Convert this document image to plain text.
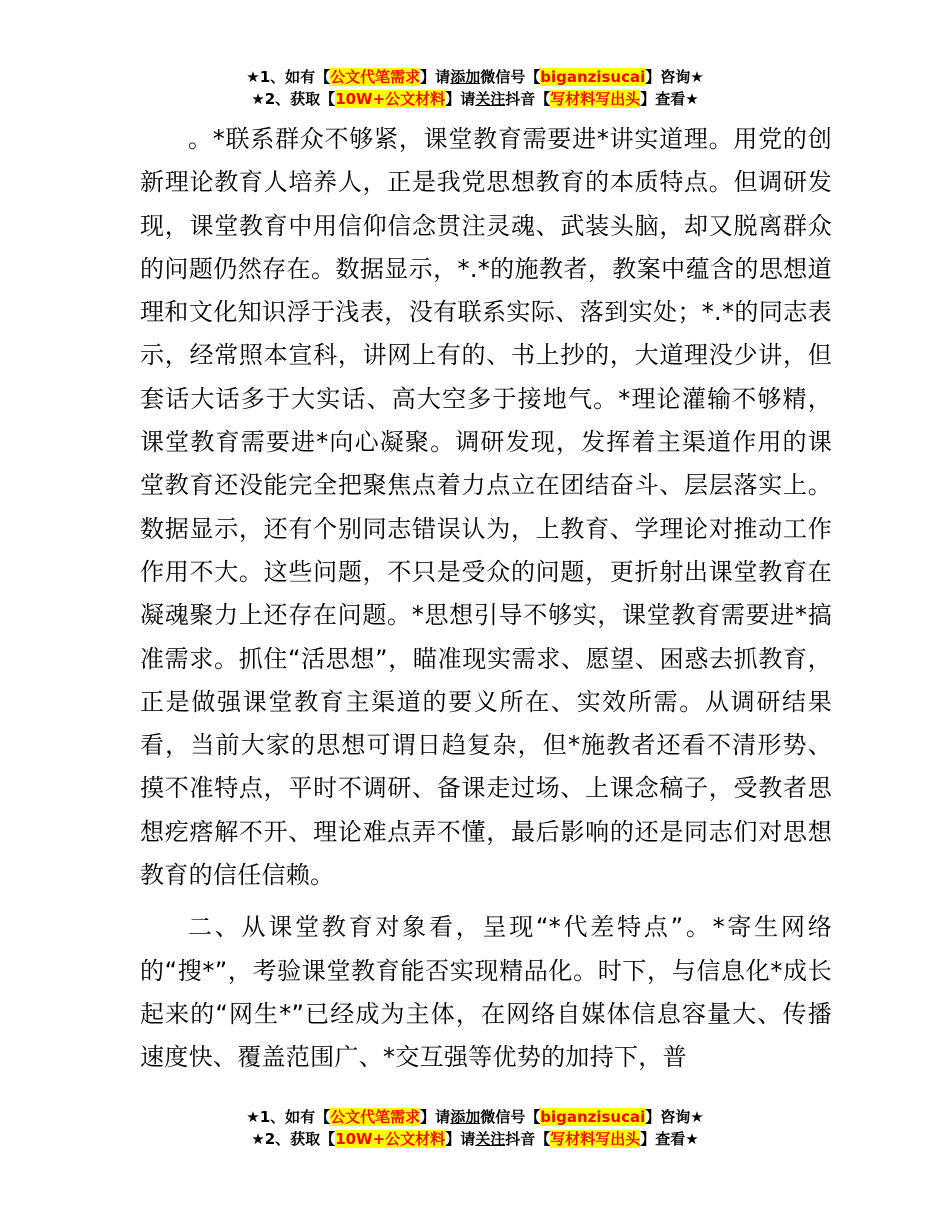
★1、如有【公文代笔需求】请添加微信号【biganzisucai】咨询★
★2、获取【10W+公文材料】请关注抖音【写材料写出头】查看★

。*联系群众不够紧，课堂教育需要进*讲实道理。用党的创新理论教育人培养人，正是我党思想教育的本质特点。但调研发现，课堂教育中用信仰信念贯注灵魂、武装头脑，却又脱离群众的问题仍然存在。数据显示，*.*的施教者，教案中蕴含的思想道理和文化知识浮于浅表，没有联系实际、落到实处；*.*的同志表示，经常照本宣科，讲网上有的、书上抄的，大道理没少讲，但套话大话多于大实话、高大空多于接地气。*理论灌输不够精，课堂教育需要进*向心凝聚。调研发现，发挥着主渠道作用的课堂教育还没能完全把聚焦点着力点立在团结奋斗、层层落实上。数据显示，还有个别同志错误认为，上教育、学理论对推动工作作用不大。这些问题，不只是受众的问题，更折射出课堂教育在凝魂聚力上还存在问题。*思想引导不够实，课堂教育需要进*搞准需求。抓住“活思想”，瞄准现实需求、愿望、困惑去抓教育，正是做强课堂教育主渠道的要义所在、实效所需。从调研结果看，当前大家的思想可谓日趋复杂，但*施教者还看不清形势、摸不准特点，平时不调研、备课走过场、上课念稿子，受教者思想疙瘩解不开、理论难点弄不懂，最后影响的还是同志们对思想教育的信任信赖。

二、从课堂教育对象看，呈现“*代差特点”。*寄生网络的“搜*”，考验课堂教育能否实现精品化。时下，与信息化*成长起来的“网生*”已经成为主体，在网络自媒体信息容量大、传播速度快、覆盖范围广、*交互强等优势的加持下，普

★1、如有【公文代笔需求】请添加微信号【biganzisucai】咨询★
★2、获取【10W+公文材料】请关注抖音【写材料写出头】查看★
